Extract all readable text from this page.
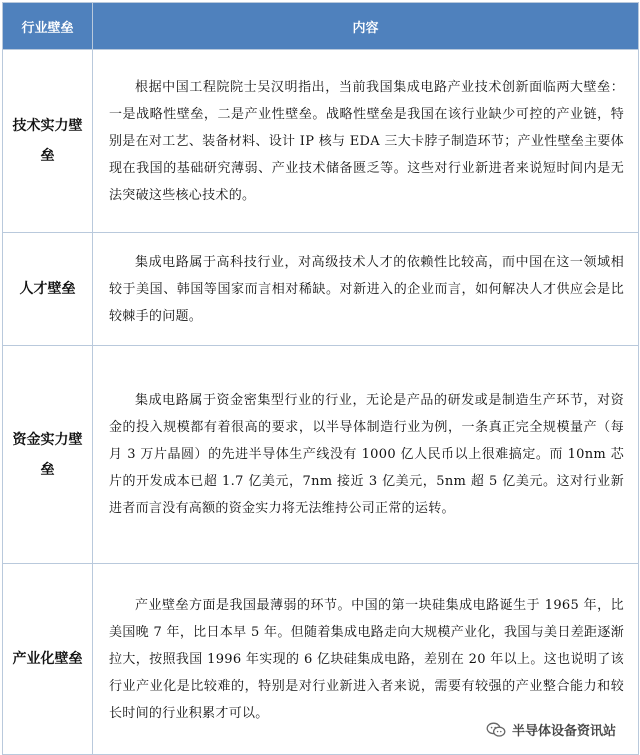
行业壁垒	内容
技术实力壁垒	根据中国工程院院士吴汉明指出，当前我国集成电路产业技术创新面临两大壁垒：一是战略性壁垒，二是产业性壁垒。战略性壁垒是我国在该行业缺少可控的产业链，特别是在对工艺、装备材料、设计 IP 核与 EDA 三大卡脖子制造环节；产业性壁垒主要体现在我国的基础研究薄弱、产业技术储备匮乏等。这些对行业新进者来说短时间内是无法突破这些核心技术的。
人才壁垒	集成电路属于高科技行业，对高级技术人才的依赖性比较高，而中国在这一领域相较于美国、韩国等国家而言相对稀缺。对新进入的企业而言，如何解决人才供应会是比较棘手的问题。
资金实力壁垒	集成电路属于资金密集型行业的行业，无论是产品的研发或是制造生产环节，对资金的投入规模都有着很高的要求，以半导体制造行业为例，一条真正完全规模量产（每月 3 万片晶圆）的先进半导体生产线没有 1000 亿人民币以上很难搞定。而 10nm 芯片的开发成本已超 1.7 亿美元，7nm 接近 3 亿美元，5nm 超 5 亿美元。这对行业新进者而言没有高额的资金实力将无法维持公司正常的运转。
产业化壁垒	产业壁垒方面是我国最薄弱的环节。中国的第一块硅集成电路诞生于 1965 年，比美国晚 7 年，比日本早 5 年。但随着集成电路走向大规模产业化，我国与美日差距逐渐拉大，按照我国 1996 年实现的 6 亿块硅集成电路，差别在 20 年以上。这也说明了该行业产业化是比较难的，特别是对行业新进入者来说，需要有较强的产业整合能力和较长时间的行业积累才可以。
半导体设备资讯站
